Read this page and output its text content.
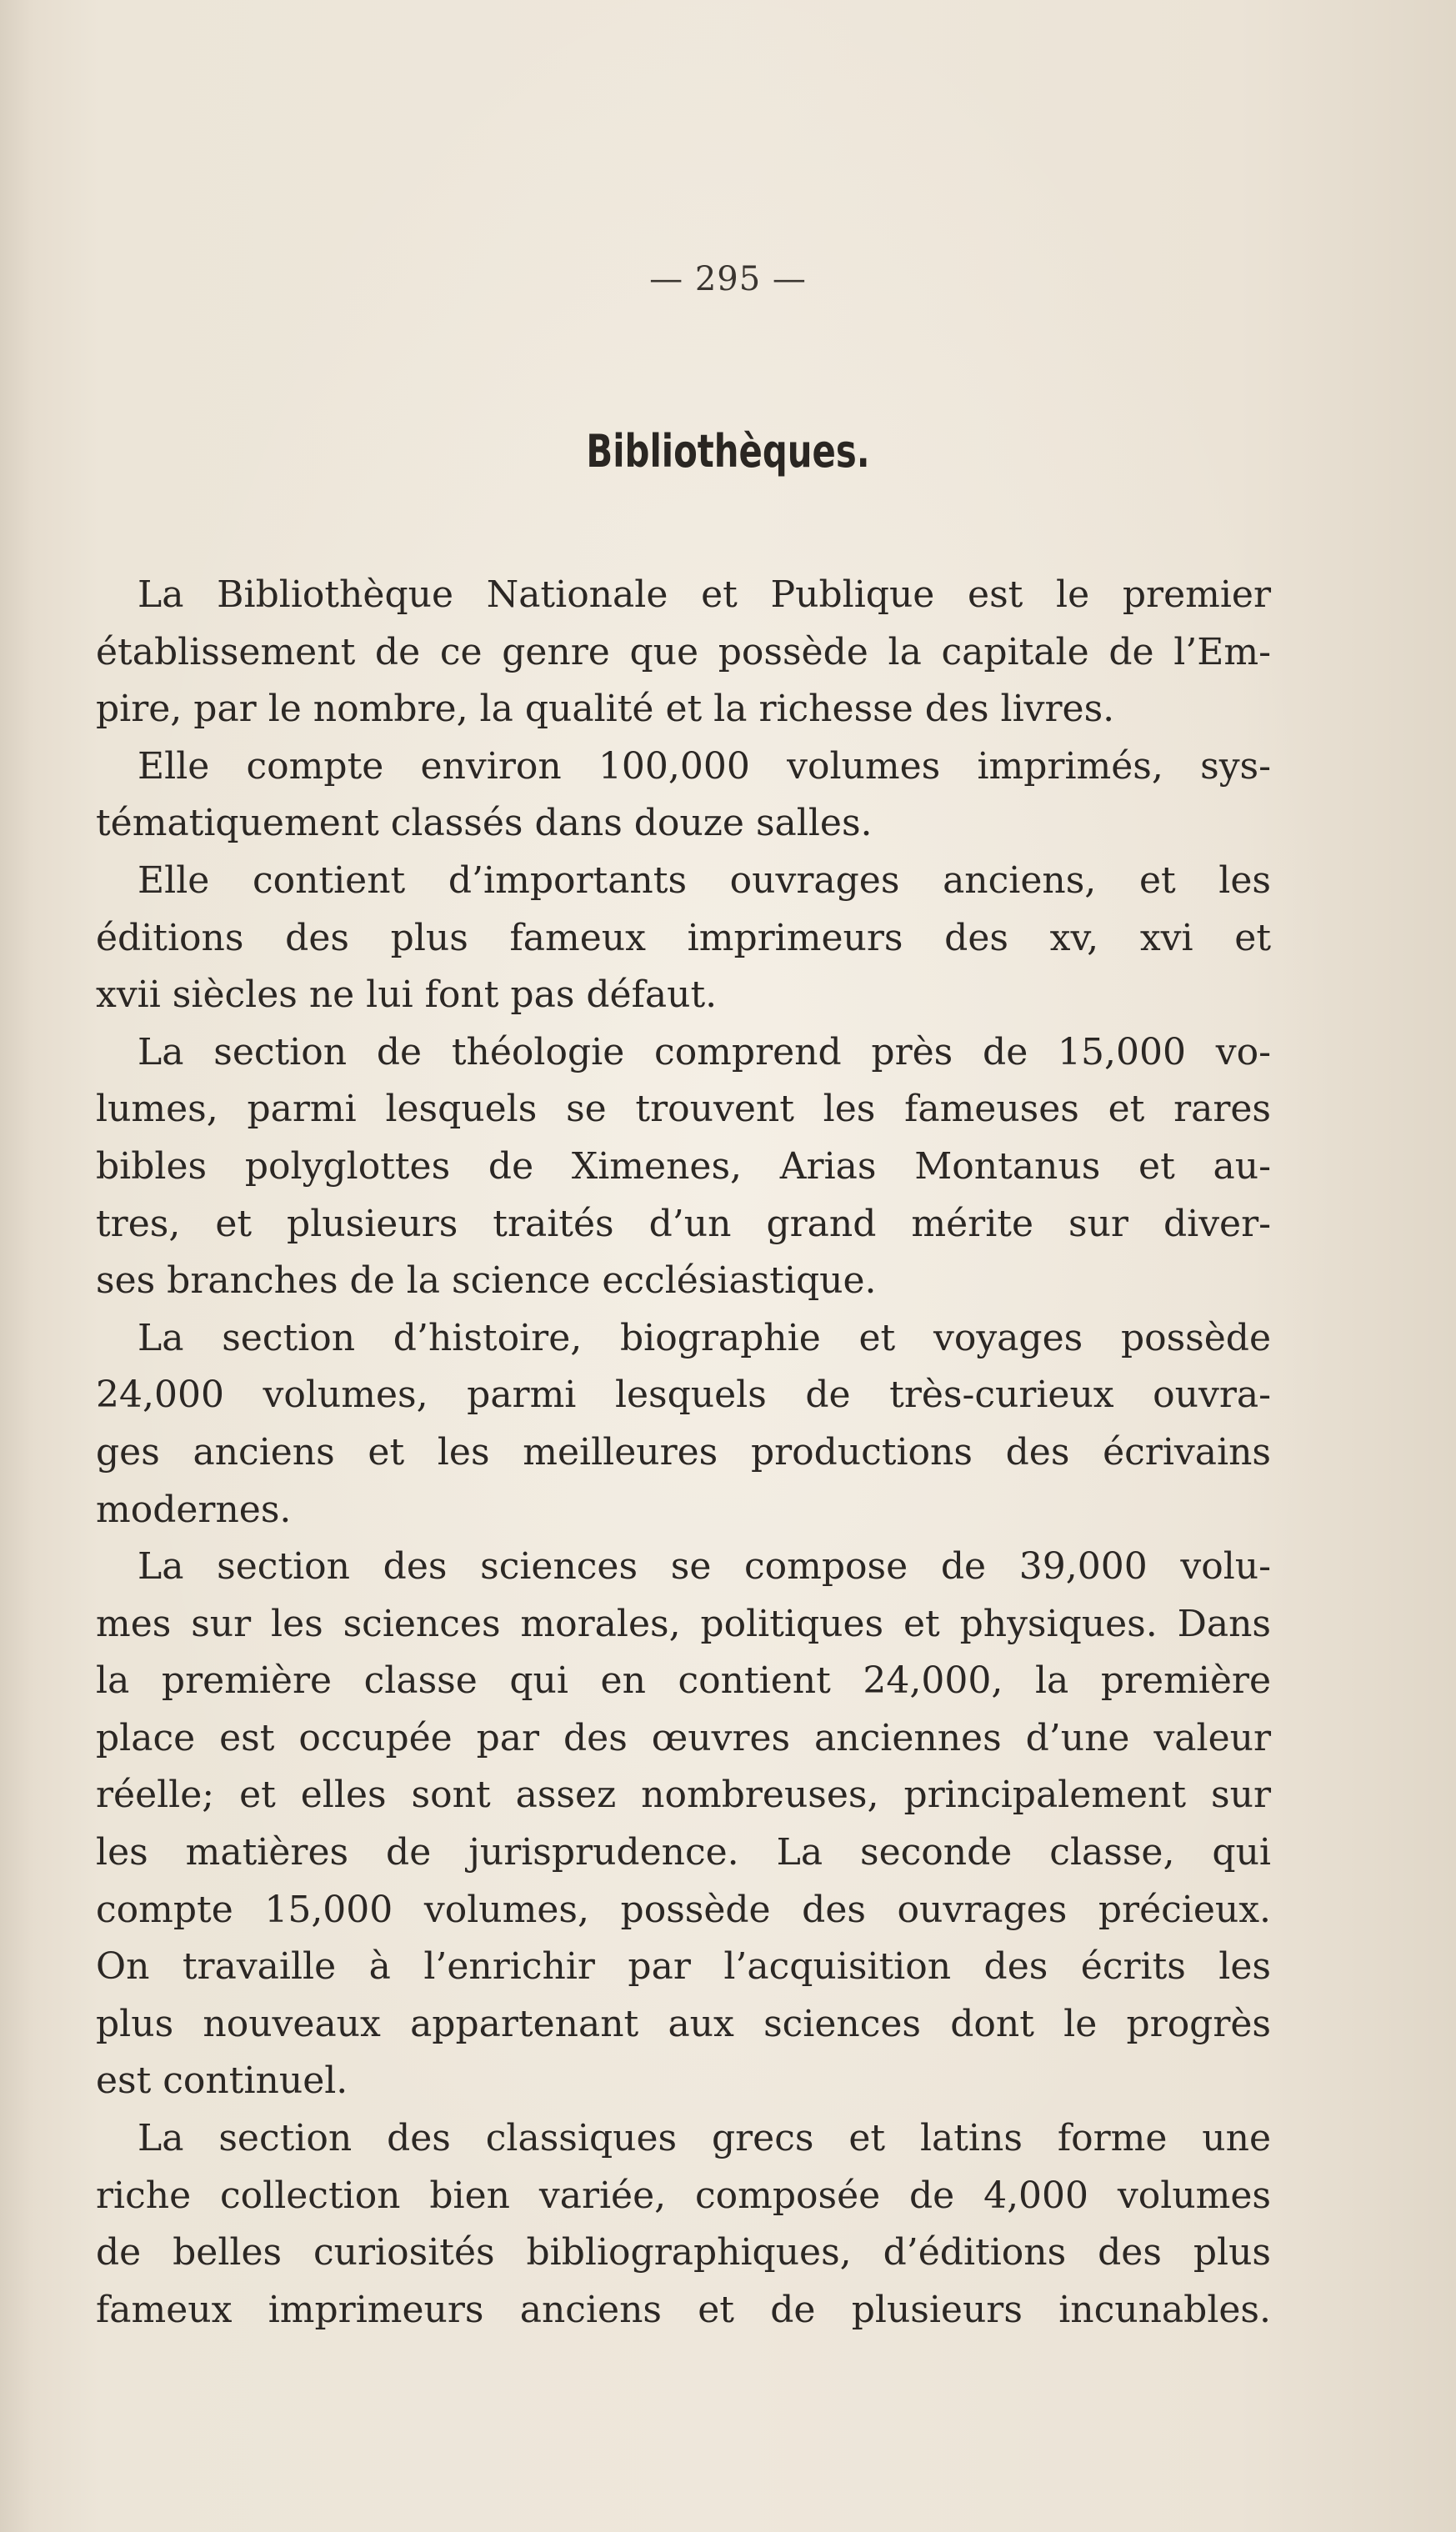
— 295 —
Bibliothèques.
La Bibliothèque Nationale et Publique est le premier
établissement de ce genre que possède la capitale de l’Em-
pire, par le nombre, la qualité et la richesse des livres.
Elle compte environ 100,000 volumes imprimés, sys-
tématiquement classés dans douze salles.
Elle contient d’importants ouvrages anciens, et les
éditions des plus fameux imprimeurs des xv, xvi et
xvii siècles ne lui font pas défaut.
La section de théologie comprend près de 15,000 vo-
lumes, parmi lesquels se trouvent les fameuses et rares
bibles polyglottes de Ximenes, Arias Montanus et au-
tres, et plusieurs traités d’un grand mérite sur diver-
ses branches de la science ecclésiastique.
La section d’histoire, biographie et voyages possède
24,000 volumes, parmi lesquels de très-curieux ouvra-
ges anciens et les meilleures productions des écrivains
modernes.
La section des sciences se compose de 39,000 volu-
mes sur les sciences morales, politiques et physiques. Dans
la première classe qui en contient 24,000, la première
place est occupée par des œuvres anciennes d’une valeur
réelle; et elles sont assez nombreuses, principalement sur
les matières de jurisprudence. La seconde classe, qui
compte 15,000 volumes, possède des ouvrages précieux.
On travaille à l’enrichir par l’acquisition des écrits les
plus nouveaux appartenant aux sciences dont le progrès
est continuel.
La section des classiques grecs et latins forme une
riche collection bien variée, composée de 4,000 volumes
de belles curiosités bibliographiques, d’éditions des plus
fameux imprimeurs anciens et de plusieurs incunables.
